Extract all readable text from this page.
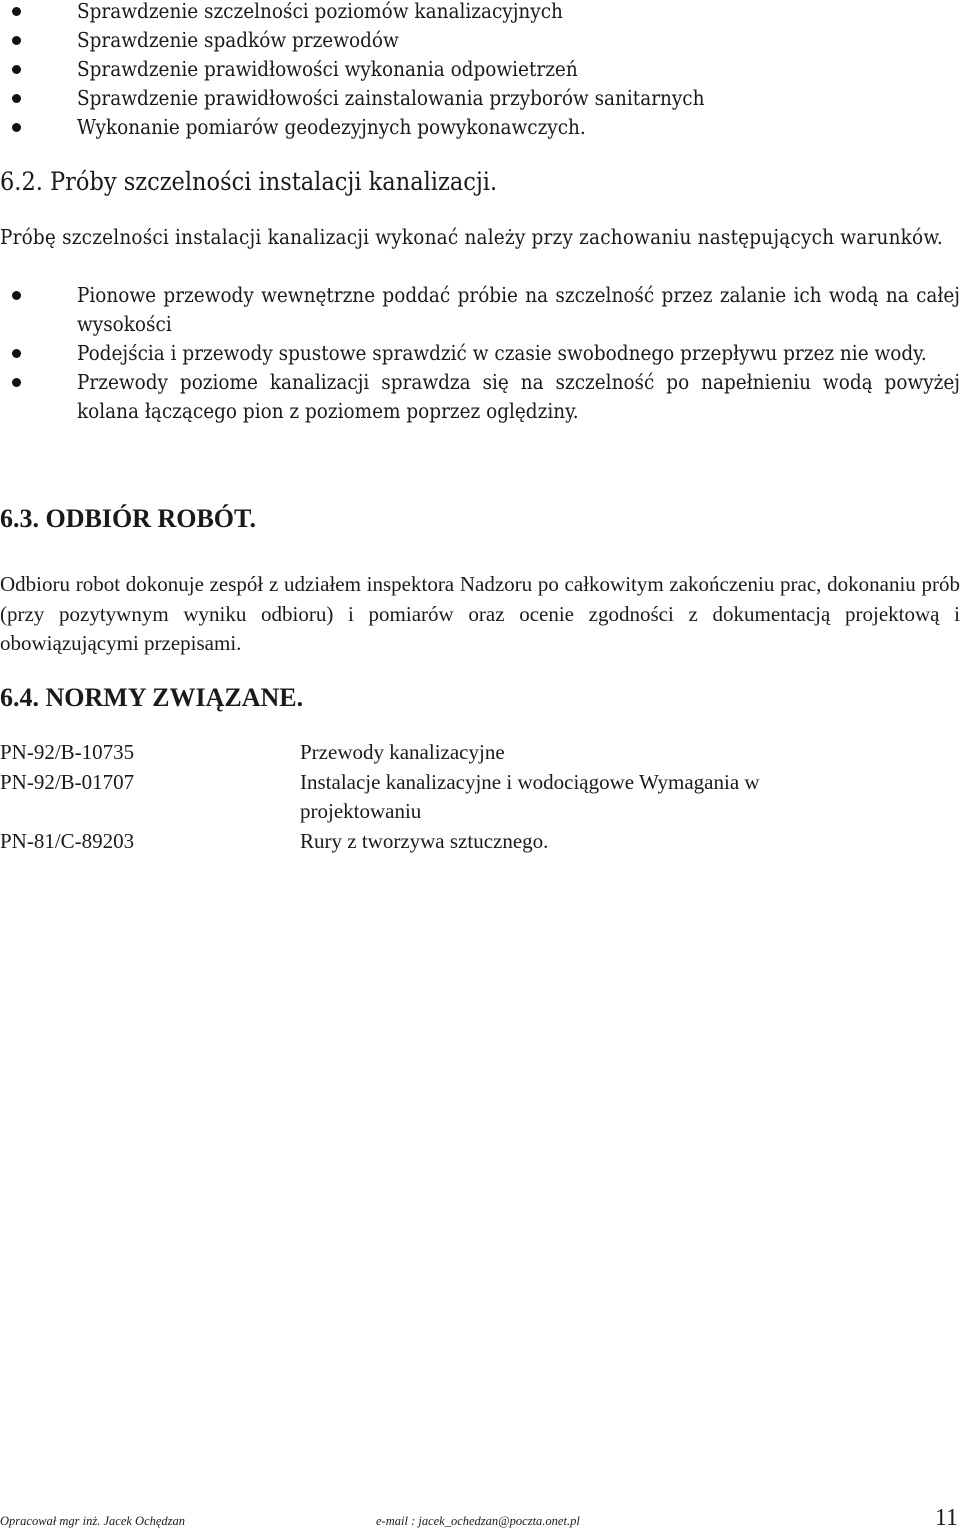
Sprawdzenie szczelności poziomów kanalizacyjnych
Sprawdzenie spadków przewodów
Sprawdzenie prawidłowości wykonania odpowietrzeń
Sprawdzenie prawidłowości zainstalowania przyborów sanitarnych
Wykonanie pomiarów geodezyjnych powykonawczych.
6.2. Próby szczelności instalacji kanalizacji.

Próbę szczelności instalacji kanalizacji wykonać należy przy zachowaniu następujących warunków.

Pionowe przewody wewnętrzne poddać próbie na szczelność przez zalanie ich wodą na całej wysokości
Podejścia i przewody spustowe sprawdzić w czasie swobodnego przepływu przez nie wody.
Przewody poziome kanalizacji sprawdza się na szczelność po napełnieniu wodą powyżej kolana łączącego pion z poziomem poprzez oględziny.
6.3. ODBIÓR ROBÓT.

Odbioru robot dokonuje zespół z udziałem inspektora Nadzoru po całkowitym zakończeniu prac, dokonaniu prób (przy pozytywnym wyniku odbioru) i pomiarów oraz ocenie zgodności z dokumentacją projektową i obowiązującymi przepisami.

6.4. NORMY ZWIĄZANE.
PN-92/B-10735	Przewody kanalizacyjne
PN-92/B-01707	Instalacje kanalizacyjne i wodociągowe Wymagania w projektowaniu
PN-81/C-89203	Rury z tworzywa sztucznego.
Opracował mgr inż. Jacek Ochędzan	e-mail : jacek_ochedzan@poczta.onet.pl	11
